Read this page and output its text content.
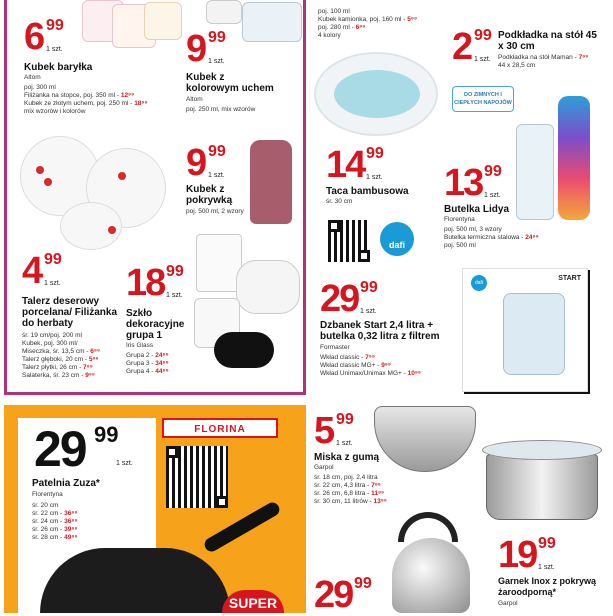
6 99
1 szt.
Kubek baryłka
Altom
poj. 300 ml
Filiżanka na stopce, poj. 350 ml - 12⁹⁹
Kubek ze złotym uchem, poj. 250 ml - 18⁹⁹
mix wzorów i kolorów
9 99
1 szt.
Kubek z kolorowym uchem
Altom
poj. 250 ml, mix wzorów
9 99
1 szt.
Kubek z pokrywką
poj. 500 ml, 2 wzory
4 99
1 szt.
Talerz deserowy porcelana/ Filiżanka do herbaty
śr. 19 cm/poj. 200 ml
Kubek, poj. 300 ml/
Miseczka, śr. 13,5 cm - 6⁹⁹
Talerz głęboki, 20 cm - 5⁹⁹
Talerz płytki, 26 cm - 7⁹⁹
Salaterka, śr. 23 cm - 9⁹⁹
18 99
1 szt.
Szkło dekoracyjne grupa 1
Iris Glass
Grupa 2 - 24⁹⁹
Grupa 3 - 34⁹⁹
Grupa 4 - 44⁹⁹
poj. 100 ml
Kubek kamionka, poj. 160 ml - 5⁹⁹
poj. 280 ml - 6⁹⁹
4 kolory	2 99
1 szt.
Podkładka na stół 45 x 30 cm
Podkładka na stół Maman - 7⁹⁹
44 x 28,5 cm
DO ZIMNYCH I CIEPŁYCH NAPOJÓW
14 99
1 szt.
Taca bambusowa
śr. 30 cm 13 99
1 szt.
Butelka Lidya
Florentyna
poj. 500 ml, 3 wzory
Butelka termiczna stalowa - 24⁹⁹
poj. 500 ml
dafi
29 99
1 szt.
Dzbanek Start 2,4 litra + butelka 0,32 litra z filtrem
Formaster
Wkład classic - 7⁹⁹
Wkład classic MG+ - 9⁹⁹
Wkład Unimax/Unimax MG+ - 10⁹⁹
START
dafi
29 99
1 szt.
Patelnia Zuza*
Florentyna
śr. 20 cm
śr. 22 cm - 36⁹⁹
śr. 24 cm - 36⁹⁹
śr. 26 cm - 39⁹⁹
śr. 28 cm - 49⁹⁹
FLORINA
SUPER
5 99
1 szt.
Miska z gumą
Garpol
śr. 18 cm, poj. 2,4 litra
śr. 22 cm, 4,3 litra - 7⁹⁹
śr. 26 cm, 6,8 litra - 11⁹⁹
śr. 30 cm, 11 litrów - 13⁹⁹
29 99
19 99
1 szt.
Garnek Inox z pokrywą żaroodporną*
Garpol
